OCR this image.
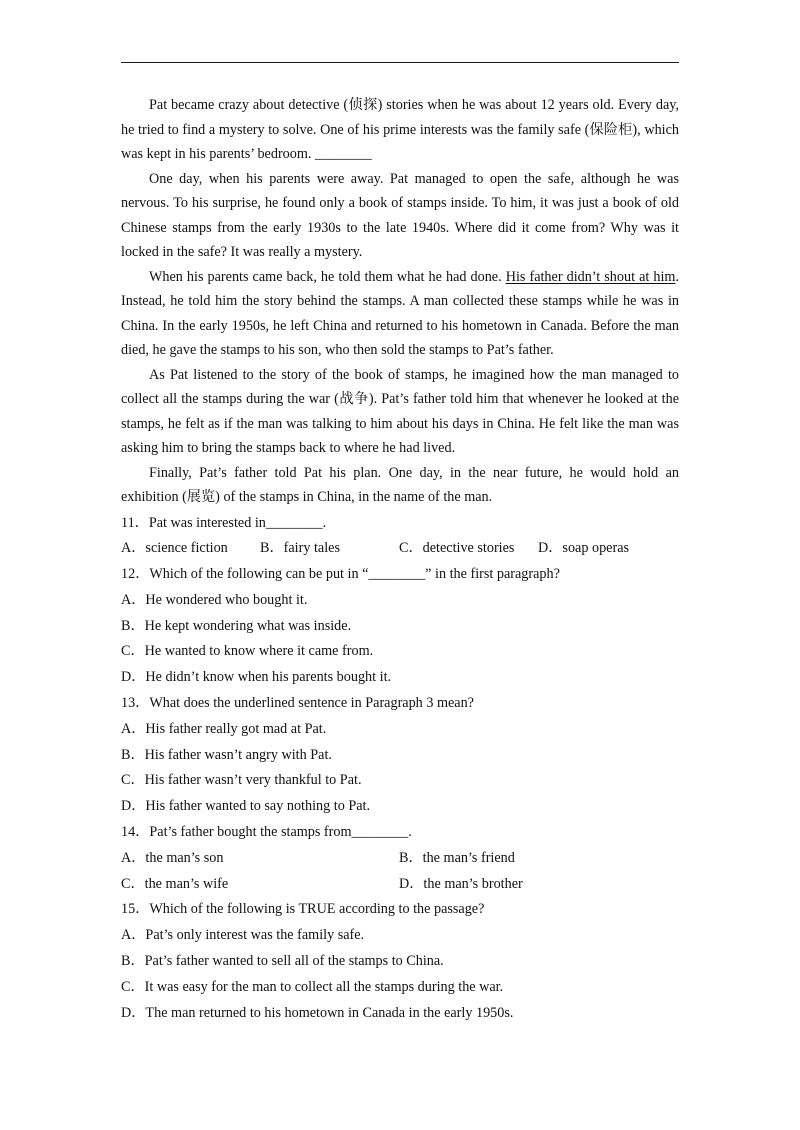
Pat became crazy about detective (侦探) stories when he was about 12 years old. Every day, he tried to find a mystery to solve. One of his prime interests was the family safe (保险柜), which was kept in his parents’ bedroom. ________

One day, when his parents were away. Pat managed to open the safe, although he was nervous. To his surprise, he found only a book of stamps inside. To him, it was just a book of old Chinese stamps from the early 1930s to the late 1940s. Where did it come from? Why was it locked in the safe? It was really a mystery.

When his parents came back, he told them what he had done. His father didn’t shout at him. Instead, he told him the story behind the stamps. A man collected these stamps while he was in China. In the early 1950s, he left China and returned to his hometown in Canada. Before the man died, he gave the stamps to his son, who then sold the stamps to Pat’s father.

As Pat listened to the story of the book of stamps, he imagined how the man managed to collect all the stamps during the war (战争). Pat’s father told him that whenever he looked at the stamps, he felt as if the man was talking to him about his days in China. He felt like the man was asking him to bring the stamps back to where he had lived.

Finally, Pat’s father told Pat his plan. One day, in the near future, he would hold an exhibition (展览) of the stamps in China, in the name of the man.

11．Pat was interested in________.
A．science fiction B．fairy tales	C．detective stories D．soap operas
12．Which of the following can be put in “________” in the first paragraph?
A．He wondered who bought it.
B．He kept wondering what was inside.
C．He wanted to know where it came from.
D．He didn’t know when his parents bought it.
13．What does the underlined sentence in Paragraph 3 mean?
A．His father really got mad at Pat.
B．His father wasn’t angry with Pat.
C．His father wasn’t very thankful to Pat.
D．His father wanted to say nothing to Pat.
14．Pat’s father bought the stamps from________.
A．the man’s son	B．the man’s friend
C．the man’s wife	D．the man’s brother
15．Which of the following is TRUE according to the passage?
A．Pat’s only interest was the family safe.
B．Pat’s father wanted to sell all of the stamps to China.
C．It was easy for the man to collect all the stamps during the war.
D．The man returned to his hometown in Canada in the early 1950s.
